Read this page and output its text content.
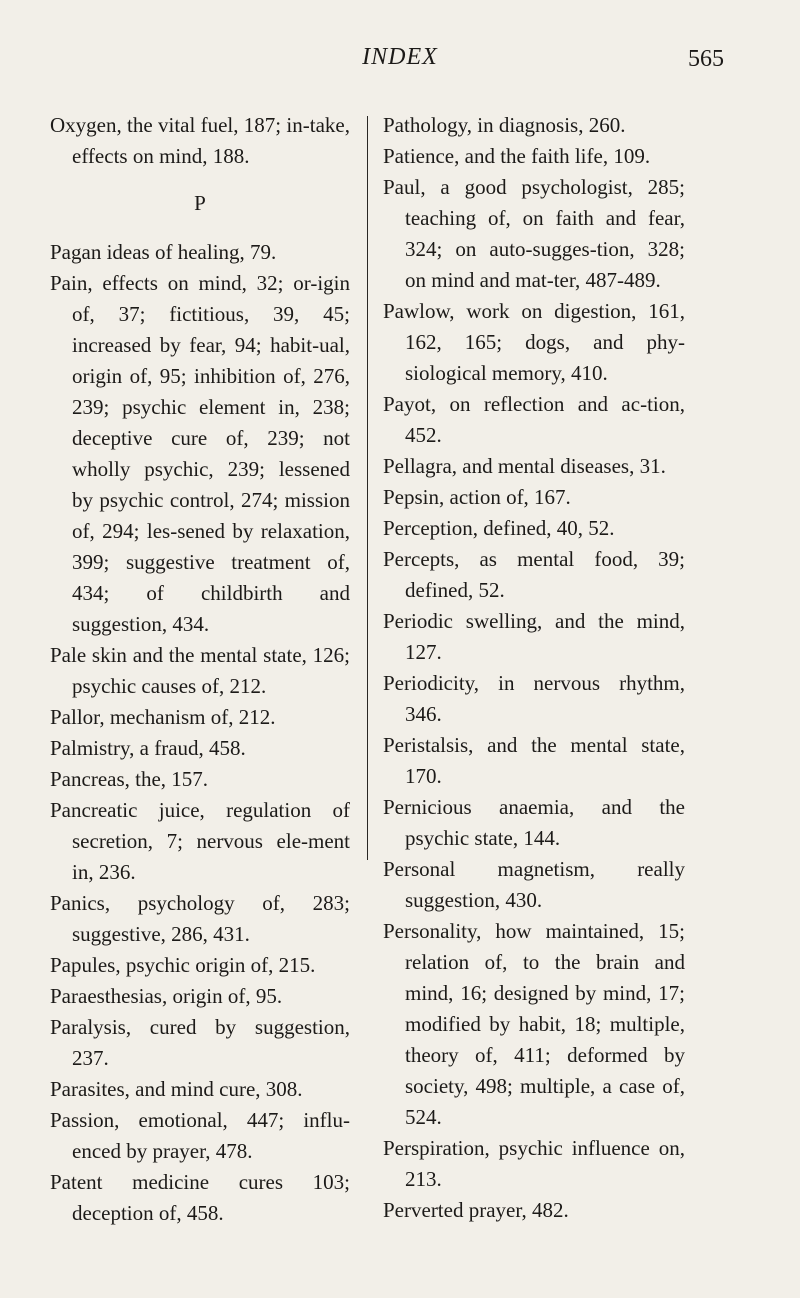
INDEX	565

Oxygen, the vital fuel, 187; in-take, effects on mind, 188.

P

Pagan ideas of healing, 79.

Pain, effects on mind, 32; or-igin of, 37; fictitious, 39, 45; increased by fear, 94; habit-ual, origin of, 95; inhibition of, 276, 239; psychic element in, 238; deceptive cure of, 239; not wholly psychic, 239; lessened by psychic control, 274; mission of, 294; les-sened by relaxation, 399; suggestive treatment of, 434; of childbirth and suggestion, 434.

Pale skin and the mental state, 126; psychic causes of, 212.

Pallor, mechanism of, 212.

Palmistry, a fraud, 458.

Pancreas, the, 157.

Pancreatic juice, regulation of secretion, 7; nervous ele-ment in, 236.

Panics, psychology of, 283; suggestive, 286, 431.

Papules, psychic origin of, 215.

Paraesthesias, origin of, 95.

Paralysis, cured by suggestion, 237.

Parasites, and mind cure, 308.

Passion, emotional, 447; influ-enced by prayer, 478.

Patent medicine cures 103; deception of, 458.

Pathology, in diagnosis, 260.

Patience, and the faith life, 109.

Paul, a good psychologist, 285; teaching of, on faith and fear, 324; on auto-sugges-tion, 328; on mind and mat-ter, 487-489.

Pawlow, work on digestion, 161, 162, 165; dogs, and phy-siological memory, 410.

Payot, on reflection and ac-tion, 452.

Pellagra, and mental diseases, 31.

Pepsin, action of, 167.

Perception, defined, 40, 52.

Percepts, as mental food, 39; defined, 52.

Periodic swelling, and the mind, 127.

Periodicity, in nervous rhythm, 346.

Peristalsis, and the mental state, 170.

Pernicious anaemia, and the psychic state, 144.

Personal magnetism, really suggestion, 430.

Personality, how maintained, 15; relation of, to the brain and mind, 16; designed by mind, 17; modified by habit, 18; multiple, theory of, 411; deformed by society, 498; multiple, a case of, 524.

Perspiration, psychic influence on, 213.

Perverted prayer, 482.
